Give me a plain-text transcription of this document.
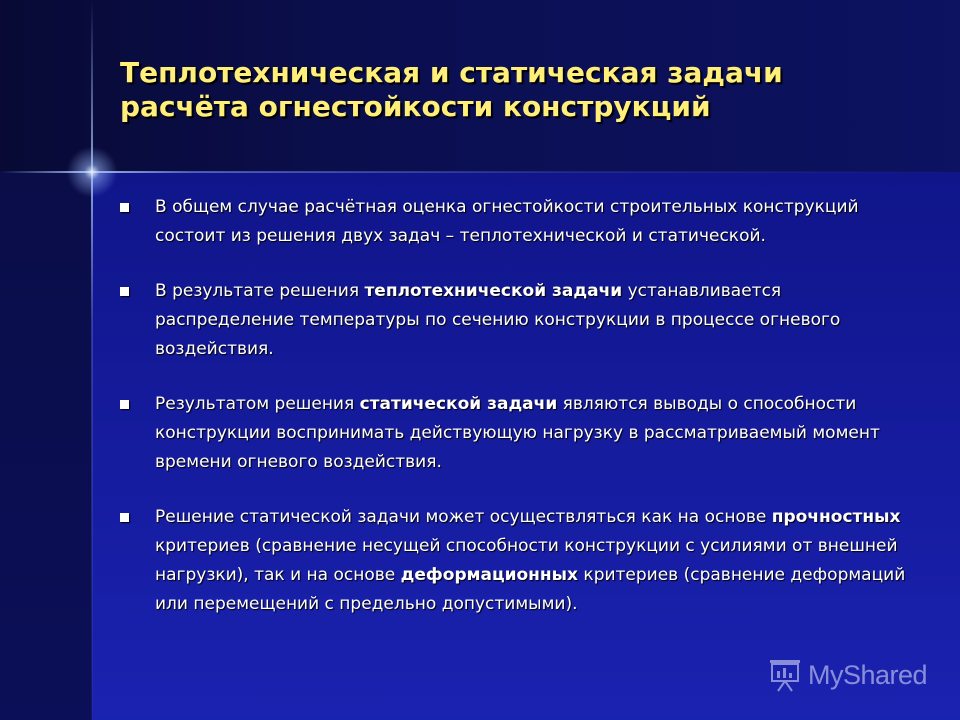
Теплотехническая и статическая задачи
расчёта огнестойкости конструкций
В общем случае расчётная оценка огнестойкости строительных конструкций состоит из решения двух задач – теплотехнической и статической.
В результате решения теплотехнической задачи устанавливается распределение температуры по сечению конструкции в процессе огневого воздействия.
Результатом решения статической задачи являются выводы о способности конструкции воспринимать действующую нагрузку в рассматриваемый момент времени огневого воздействия.
Решение статической задачи может осуществляться как на основе прочностных критериев (сравнение несущей способности конструкции с усилиями от внешней нагрузки), так и на основе деформационных критериев (сравнение деформаций или перемещений с предельно допустимыми).
MyShared
